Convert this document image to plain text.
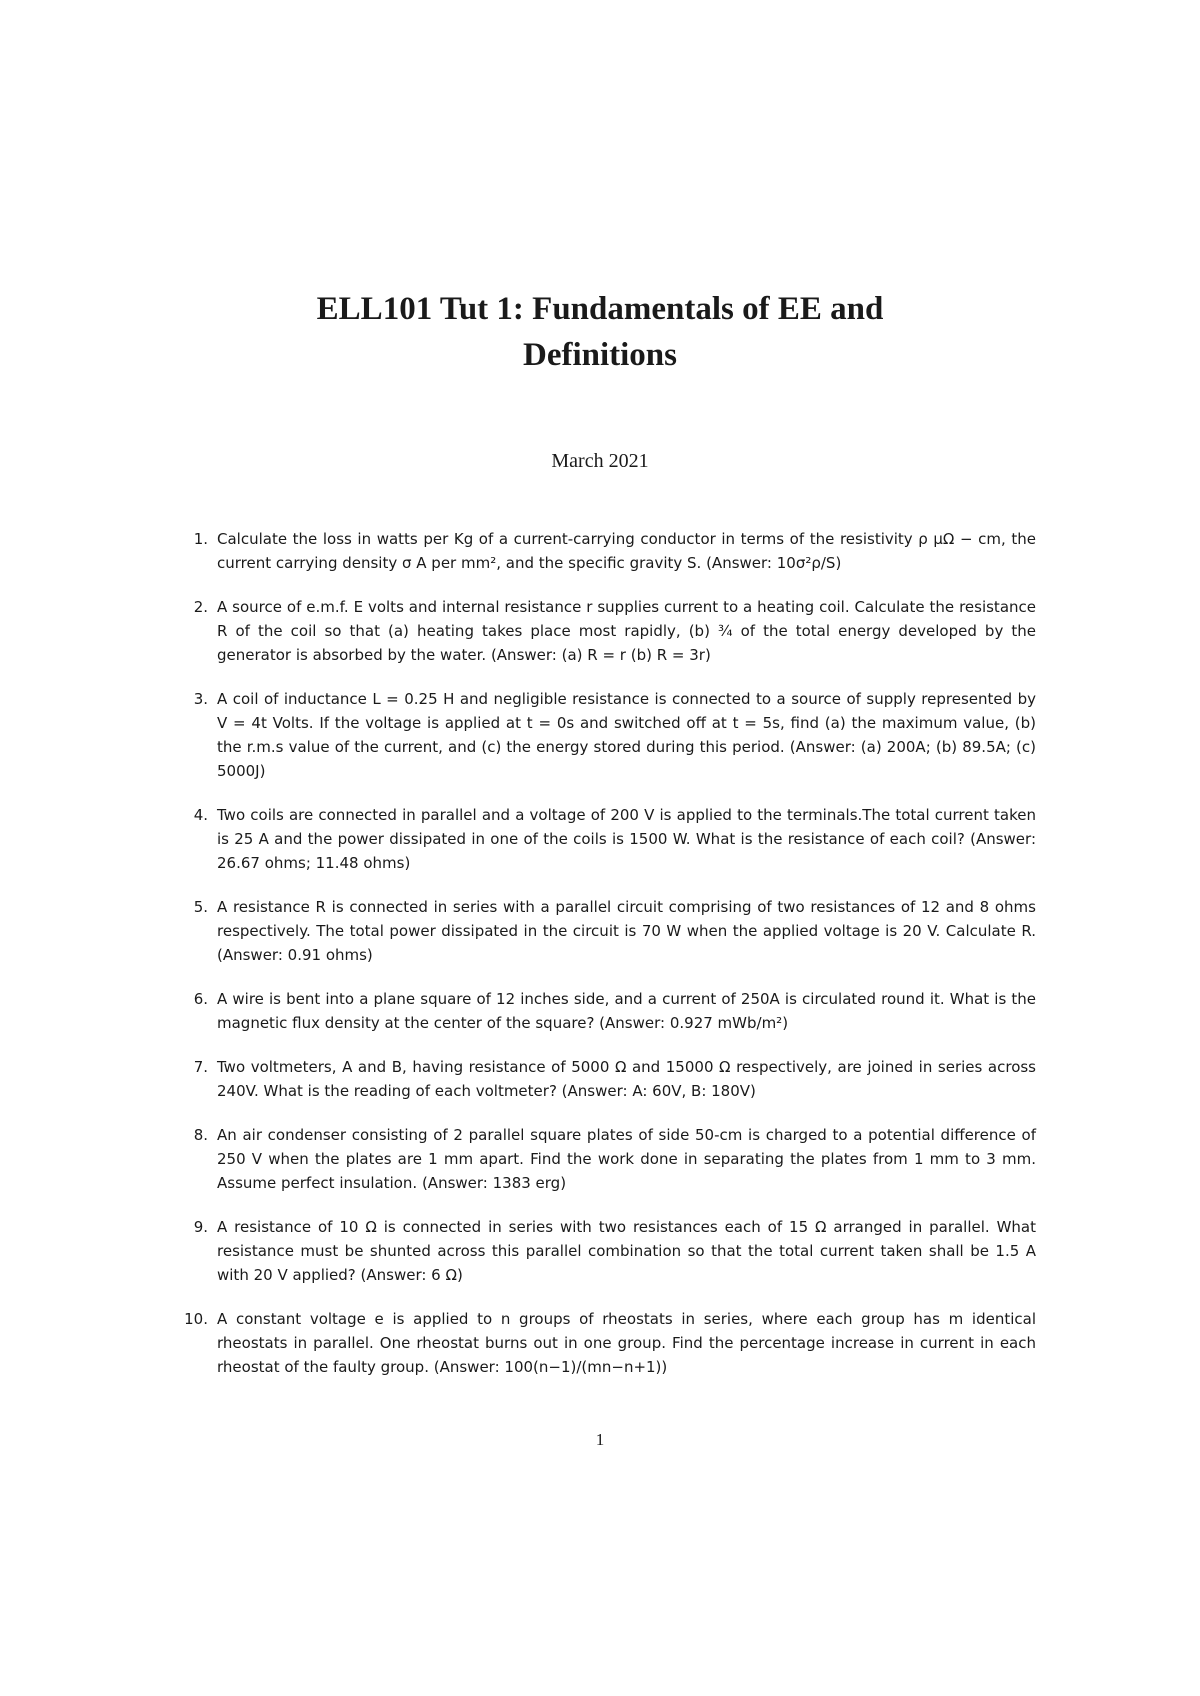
ELL101 Tut 1: Fundamentals of EE and
Definitions

March 2021

1. Calculate the loss in watts per Kg of a current-carrying conductor in terms of the resistivity ρ μΩ − cm, the current carrying density σ A per mm², and the specific gravity S. (Answer: 10σ²ρ/S)
2. A source of e.m.f. E volts and internal resistance r supplies current to a heating coil. Calculate the resistance R of the coil so that (a) heating takes place most rapidly, (b) ¾ of the total energy developed by the generator is absorbed by the water. (Answer: (a) R = r (b) R = 3r)
3. A coil of inductance L = 0.25 H and negligible resistance is connected to a source of supply represented by V = 4t Volts. If the voltage is applied at t = 0s and switched off at t = 5s, find (a) the maximum value, (b) the r.m.s value of the current, and (c) the energy stored during this period. (Answer: (a) 200A; (b) 89.5A; (c) 5000J)
4. Two coils are connected in parallel and a voltage of 200 V is applied to the terminals.The total current taken is 25 A and the power dissipated in one of the coils is 1500 W. What is the resistance of each coil? (Answer: 26.67 ohms; 11.48 ohms)
5. A resistance R is connected in series with a parallel circuit comprising of two resistances of 12 and 8 ohms respectively. The total power dissipated in the circuit is 70 W when the applied voltage is 20 V. Calculate R. (Answer: 0.91 ohms)
6. A wire is bent into a plane square of 12 inches side, and a current of 250A is circulated round it. What is the magnetic flux density at the center of the square? (Answer: 0.927 mWb/m²)
7. Two voltmeters, A and B, having resistance of 5000 Ω and 15000 Ω respectively, are joined in series across 240V. What is the reading of each voltmeter? (Answer: A: 60V, B: 180V)
8. An air condenser consisting of 2 parallel square plates of side 50-cm is charged to a potential difference of 250 V when the plates are 1 mm apart. Find the work done in separating the plates from 1 mm to 3 mm. Assume perfect insulation. (Answer: 1383 erg)
9. A resistance of 10 Ω is connected in series with two resistances each of 15 Ω arranged in parallel. What resistance must be shunted across this parallel combination so that the total current taken shall be 1.5 A with 20 V applied? (Answer: 6 Ω)
10. A constant voltage e is applied to n groups of rheostats in series, where each group has m identical rheostats in parallel. One rheostat burns out in one group. Find the percentage increase in current in each rheostat of the faulty group. (Answer: 100(n−1)/(mn−n+1))

1
